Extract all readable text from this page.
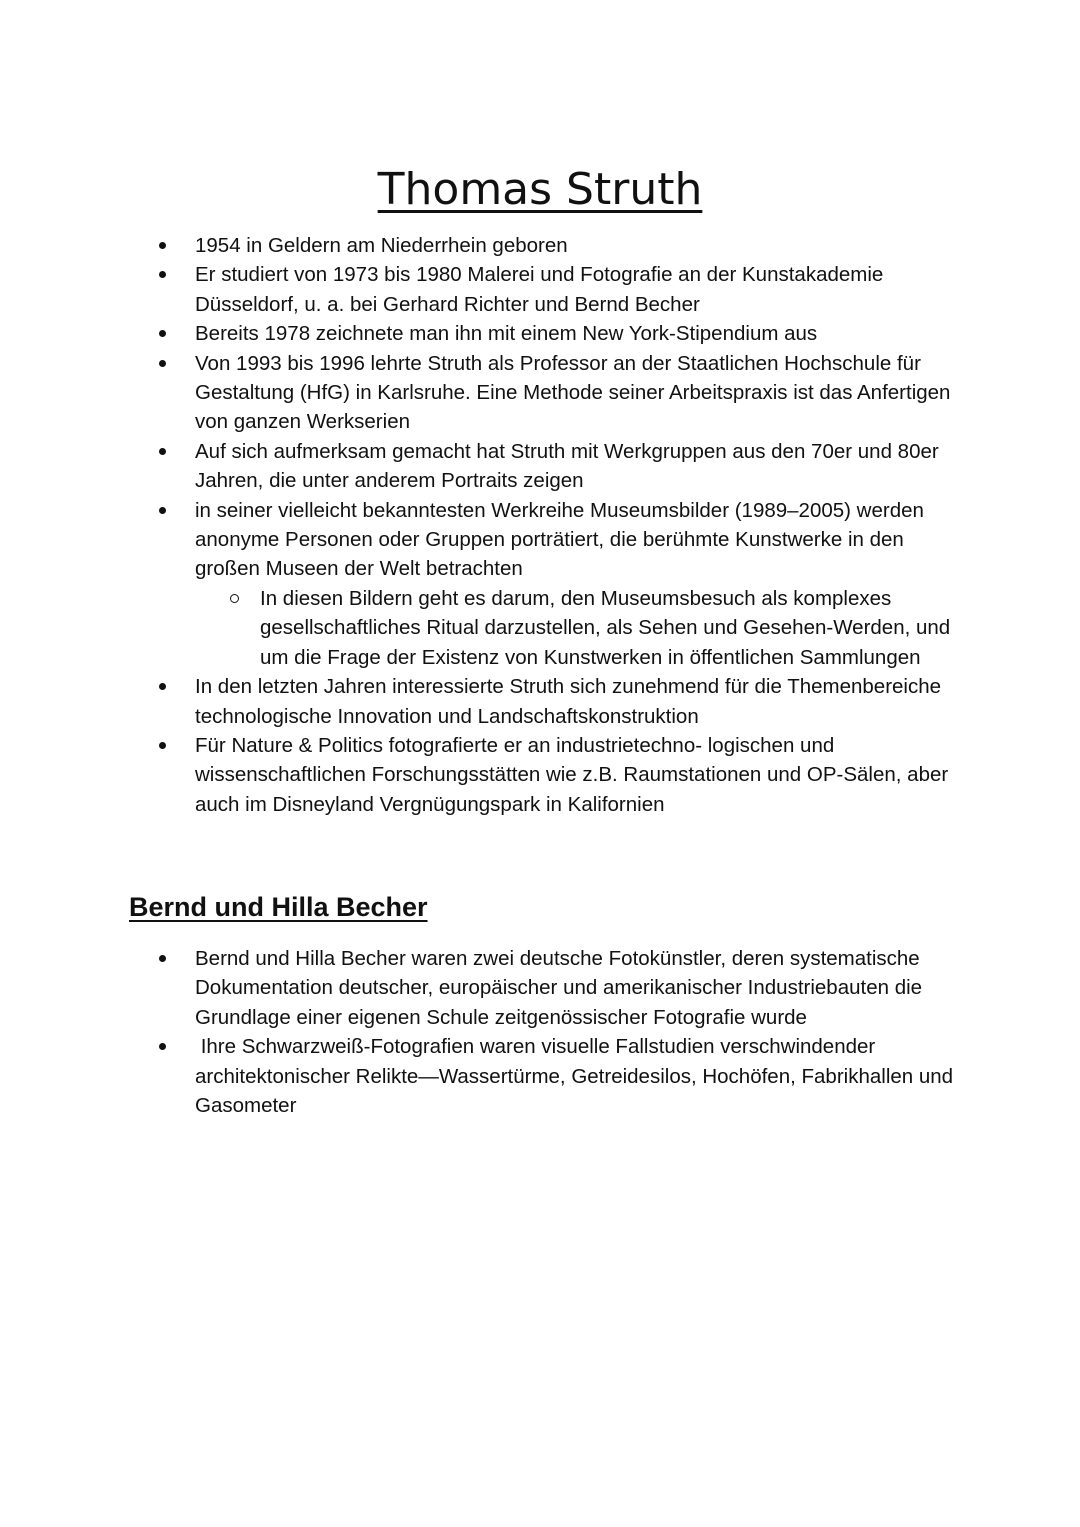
Thomas Struth
1954 in Geldern am Niederrhein geboren
Er studiert von 1973 bis 1980 Malerei und Fotografie an der Kunstakademie Düsseldorf, u. a. bei Gerhard Richter und Bernd Becher
Bereits 1978 zeichnete man ihn mit einem New York-Stipendium aus
Von 1993 bis 1996 lehrte Struth als Professor an der Staatlichen Hochschule für Gestaltung (HfG) in Karlsruhe. Eine Methode seiner Arbeitspraxis ist das Anfertigen von ganzen Werkserien
Auf sich aufmerksam gemacht hat Struth mit Werkgruppen aus den 70er und 80er Jahren, die unter anderem Portraits zeigen
in seiner vielleicht bekanntesten Werkreihe Museumsbilder (1989–2005) werden anonyme Personen oder Gruppen porträtiert, die berühmte Kunstwerke in den großen Museen der Welt betrachten
In diesen Bildern geht es darum, den Museumsbesuch als komplexes gesellschaftliches Ritual darzustellen, als Sehen und Gesehen-Werden, und um die Frage der Existenz von Kunstwerken in öffentlichen Sammlungen
In den letzten Jahren interessierte Struth sich zunehmend für die Themenbereiche technologische Innovation und Landschaftskonstruktion
Für Nature & Politics fotografierte er an industrietechno- logischen und wissenschaftlichen Forschungsstätten wie z.B. Raumstationen und OP-Sälen, aber auch im Disneyland Vergnügungspark in Kalifornien
Bernd und Hilla Becher
Bernd und Hilla Becher waren zwei deutsche Fotokünstler, deren systematische Dokumentation deutscher, europäischer und amerikanischer Industriebauten die Grundlage einer eigenen Schule zeitgenössischer Fotografie wurde
Ihre Schwarzweiß-Fotografien waren visuelle Fallstudien verschwindender architektonischer Relikte—Wassertürme, Getreidesilos, Hochöfen, Fabrikhallen und Gasometer
